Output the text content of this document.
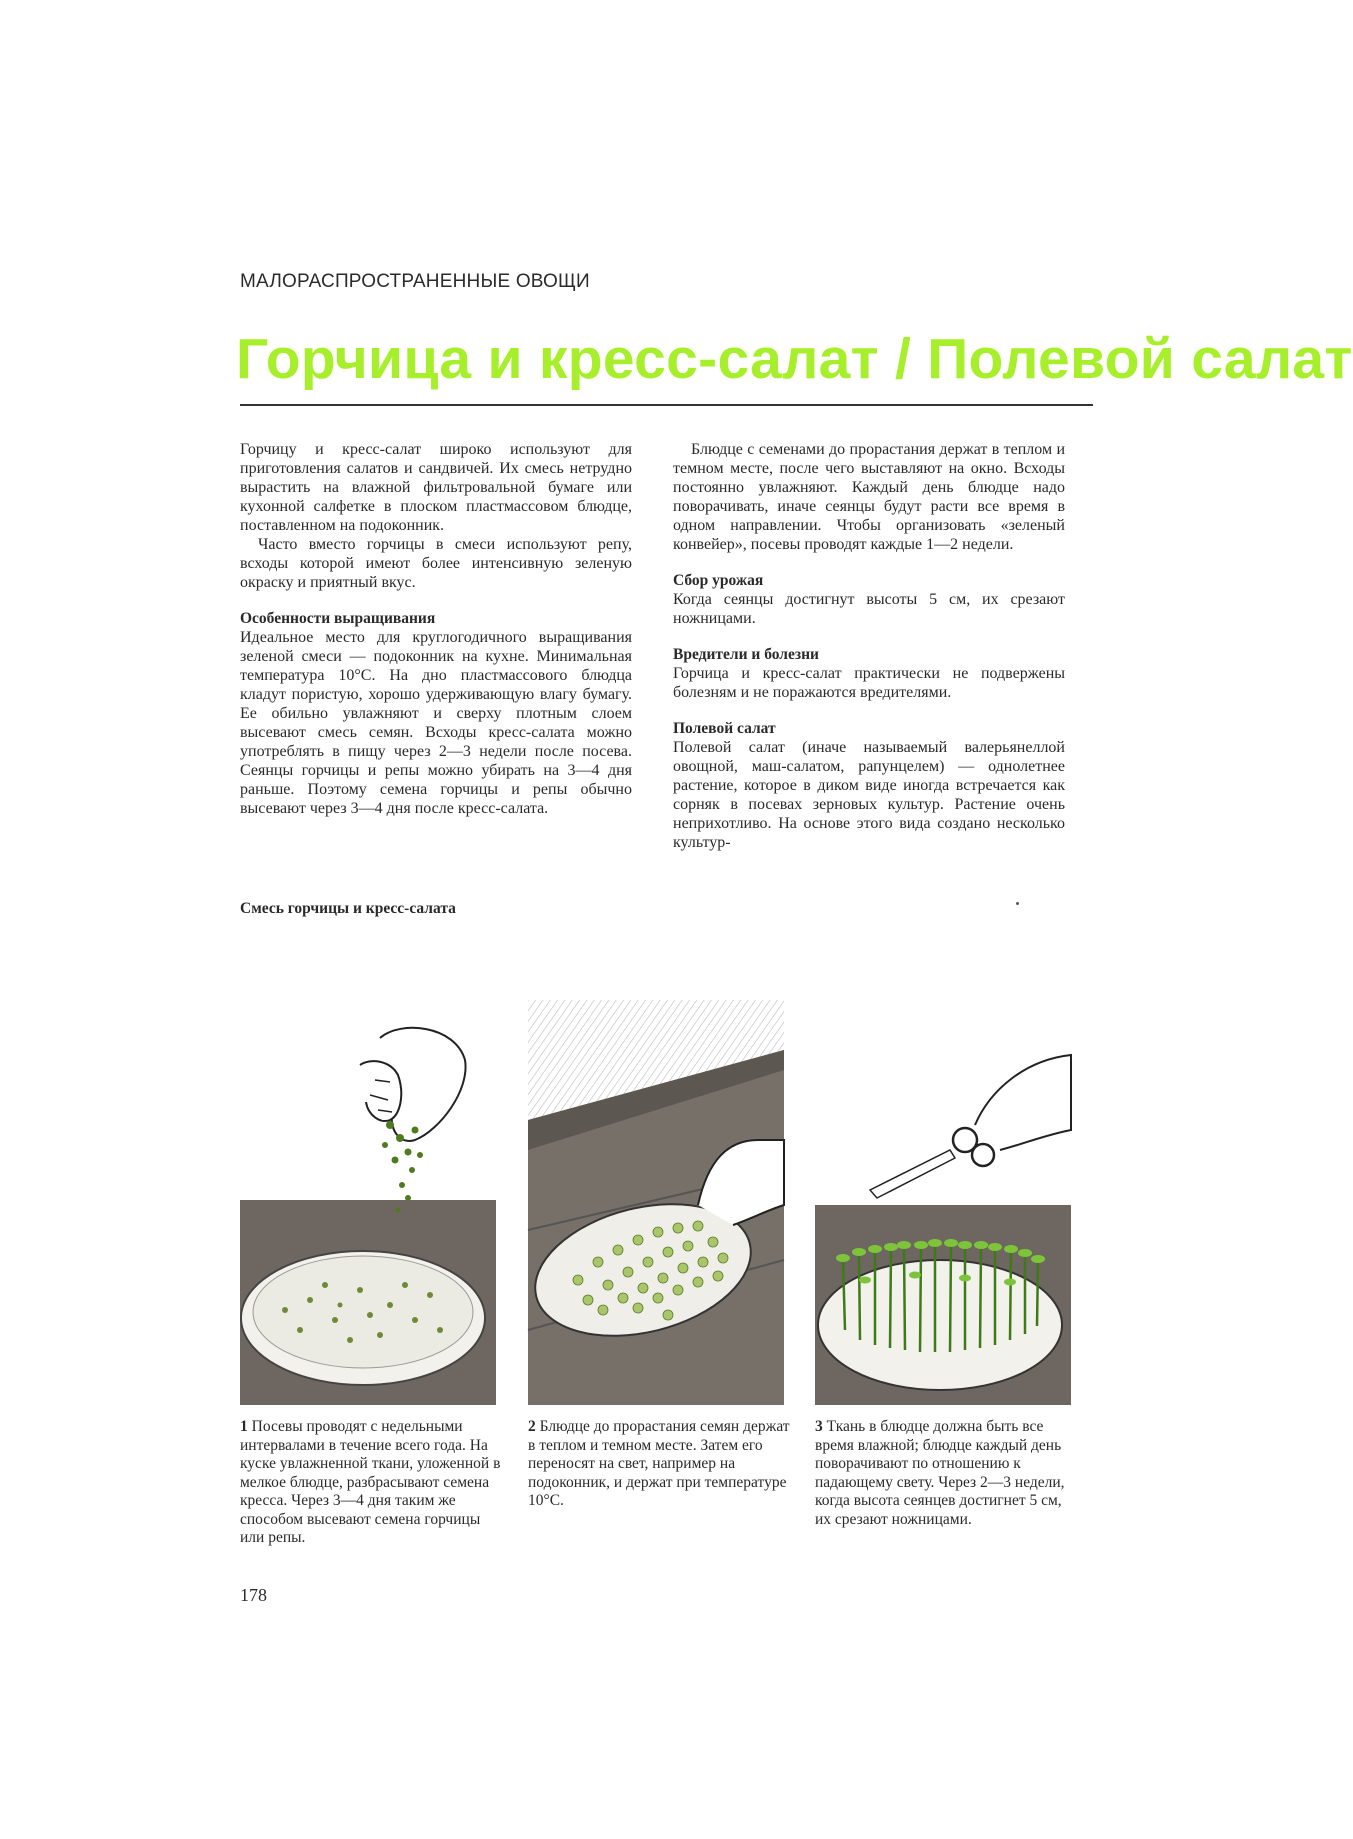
МАЛОРАСПРОСТРАНЕННЫЕ ОВОЩИ
Горчица и кресс-салат / Полевой салат

Горчицу и кресс-салат широко используют для приготовления салатов и сандвичей. Их смесь нетрудно вырастить на влажной фильтровальной бумаге или кухонной салфетке в плоском пластмассовом блюдце, поставленном на подоконник.

Часто вместо горчицы в смеси используют репу, всходы которой имеют более интенсивную зеленую окраску и приятный вкус.

Особенности выращивания

Идеальное место для круглогодичного выращивания зеленой смеси — подоконник на кухне. Минимальная температура 10°C. На дно пластмассового блюдца кладут пористую, хорошо удерживающую влагу бумагу. Ее обильно увлажняют и сверху плотным слоем высевают смесь семян. Всходы кресс-салата можно употреблять в пищу через 2—3 недели после посева. Сеянцы горчицы и репы можно убирать на 3—4 дня раньше. Поэтому семена горчицы и репы обычно высевают через 3—4 дня после кресс-салата.

Блюдце с семенами до прорастания держат в теплом и темном месте, после чего выставляют на окно. Всходы постоянно увлажняют. Каждый день блюдце надо поворачивать, иначе сеянцы будут расти все время в одном направлении. Чтобы организовать «зеленый конвейер», посевы проводят каждые 1—2 недели.

Сбор урожая

Когда сеянцы достигнут высоты 5 см, их срезают ножницами.

Вредители и болезни

Горчица и кресс-салат практически не подвержены болезням и не поражаются вредителями.

Полевой салат

Полевой салат (иначе называемый валерьянеллой овощной, маш-салатом, рапунцелем) — однолетнее растение, которое в диком виде иногда встречается как сорняк в посевах зерновых культур. Растение очень неприхотливо. На основе этого вида создано несколько культур-

Смесь горчицы и кресс-салата
1 Посевы проводят с недельными интервалами в течение всего года. На куске увлажненной ткани, уложенной в мелкое блюдце, разбрасывают семена кресса. Через 3—4 дня таким же способом высевают семена горчицы или репы.
2 Блюдце до прорастания семян держат в теплом и темном месте. Затем его переносят на свет, например на подоконник, и держат при температуре 10°C.
3 Ткань в блюдце должна быть все время влажной; блюдце каждый день поворачивают по отношению к падающему свету. Через 2—3 недели, когда высота сеянцев достигнет 5 см, их срезают ножницами.
178
